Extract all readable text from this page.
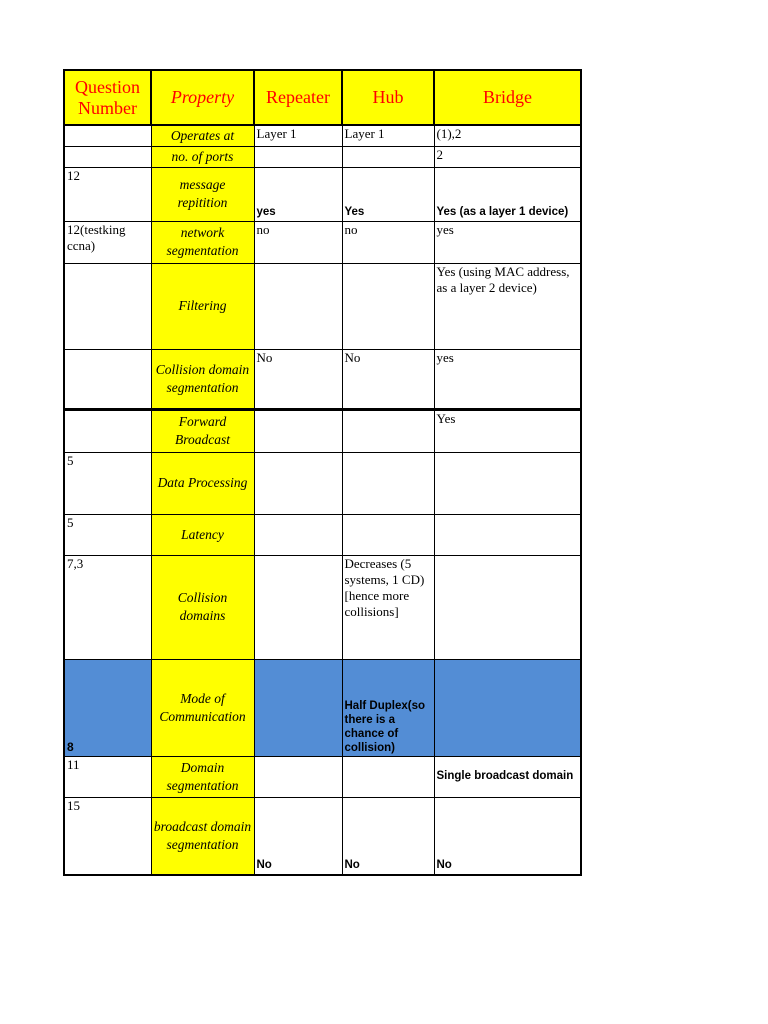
Question Number	Property	Repeater	Hub	Bridge
	Operates at	Layer 1	Layer 1	(1),2
	no. of ports			2
12	message repitition	yes	Yes	Yes (as a layer 1 device)
12(testking ccna)	network segmentation	no	no	yes
	Filtering			Yes (using MAC address, as a layer 2 device)
	Collision domain segmentation	No	No	yes
	Forward Broadcast			Yes
5	Data Processing			
5	Latency			
7,3	Collision domains		Decreases (5 systems, 1 CD) [hence more collisions]	
8	Mode of Communication		Half Duplex(so there is a chance of collision)	
11	Domain segmentation			Single broadcast domain
15	broadcast domain segmentation	No	No	No
